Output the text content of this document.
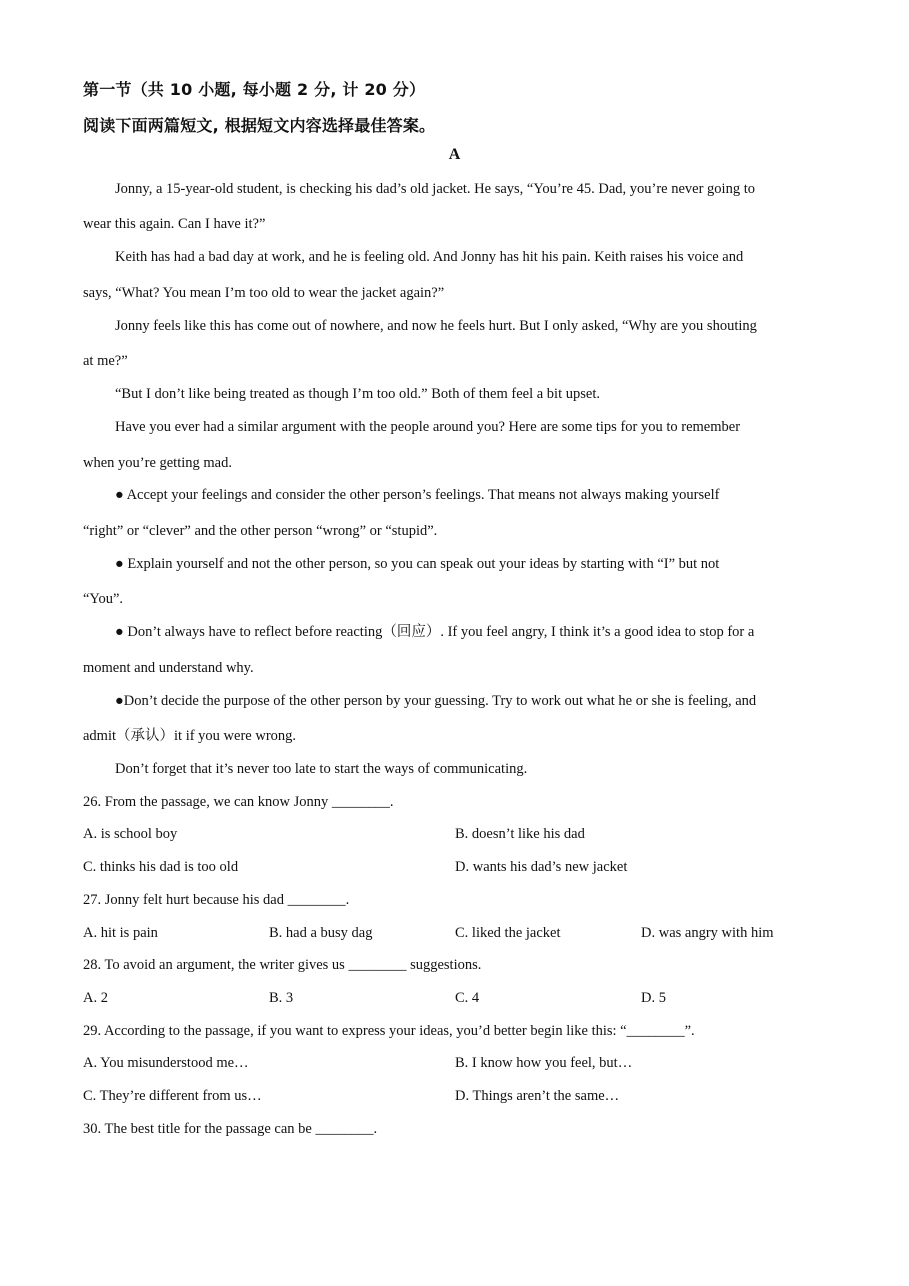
第一节（共 10 小题, 每小题 2 分, 计 20 分）
阅读下面两篇短文, 根据短文内容选择最佳答案。
A
Jonny, a 15-year-old student, is checking his dad’s old jacket. He says, “You’re 45. Dad, you’re never going to
wear this again. Can I have it?”
Keith has had a bad day at work, and he is feeling old. And Jonny has hit his pain. Keith raises his voice and
says, “What? You mean I’m too old to wear the jacket again?”
Jonny feels like this has come out of nowhere, and now he feels hurt. But I only asked, “Why are you shouting
at me?”
“But I don’t like being treated as though I’m too old.” Both of them feel a bit upset.
Have you ever had a similar argument with the people around you? Here are some tips for you to remember
when you’re getting mad.
● Accept your feelings and consider the other person’s feelings. That means not always making yourself
“right” or “clever” and the other person “wrong” or “stupid”.
● Explain yourself and not the other person, so you can speak out your ideas by starting with “I” but not
“You”.
● Don’t always have to reflect before reacting（回应）. If you feel angry, I think it’s a good idea to stop for a
moment and understand why.
●Don’t decide the purpose of the other person by your guessing. Try to work out what he or she is feeling, and
admit（承认）it if you were wrong.
Don’t forget that it’s never too late to start the ways of communicating.
26. From the passage, we can know Jonny ________.
A. is school boy	B. doesn’t like his dad
C. thinks his dad is too old	D. wants his dad’s new jacket
27. Jonny felt hurt because his dad ________.
A. hit is pain	B. had a busy dag	C. liked the jacket	D. was angry with him
28. To avoid an argument, the writer gives us ________ suggestions.
A. 2	B. 3	C. 4	D. 5
29. According to the passage, if you want to express your ideas, you’d better begin like this: “________”.
A. You misunderstood me…	B. I know how you feel, but…
C. They’re different from us…	D. Things aren’t the same…
30. The best title for the passage can be ________.
